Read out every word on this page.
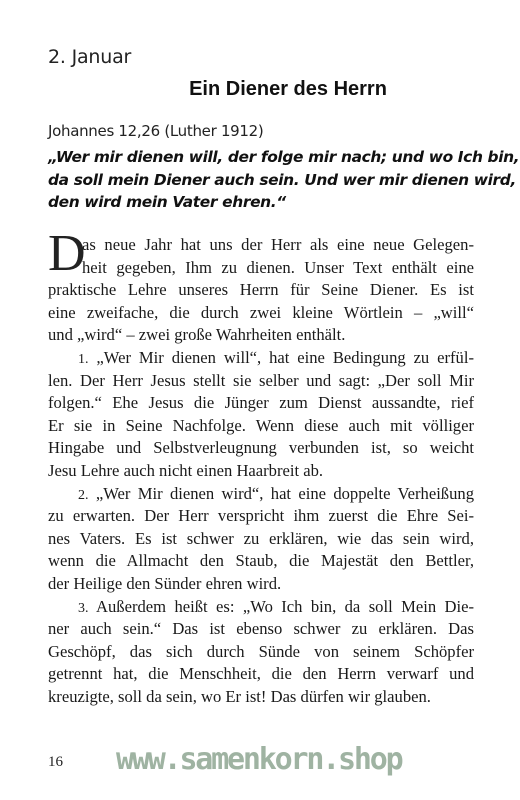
2. Januar
Ein Diener des Herrn
Johannes 12,26 (Luther 1912)
„Wer mir dienen will, der folge mir nach; und wo Ich bin,
da soll mein Diener auch sein. Und wer mir dienen wird,
den wird mein Vater ehren.“
D
as neue Jahr hat uns der Herr als eine neue Gelegen-
heit gegeben, Ihm zu dienen. Unser Text enthält eine
praktische Lehre unseres Herrn für Seine Diener. Es ist
eine zweifache, die durch zwei kleine Wörtlein – „will“
und „wird“ – zwei große Wahrheiten enthält.
1. „Wer Mir dienen will“, hat eine Bedingung zu erfül-
len. Der Herr Jesus stellt sie selber und sagt: „Der soll Mir
folgen.“ Ehe Jesus die Jünger zum Dienst aussandte, rief
Er sie in Seine Nachfolge. Wenn diese auch mit völliger
Hingabe und Selbstverleugnung verbunden ist, so weicht
Jesu Lehre auch nicht einen Haarbreit ab.
2. „Wer Mir dienen wird“, hat eine doppelte Verheißung
zu erwarten. Der Herr verspricht ihm zuerst die Ehre Sei-
nes Vaters. Es ist schwer zu erklären, wie das sein wird,
wenn die Allmacht den Staub, die Majestät den Bettler,
der Heilige den Sünder ehren wird.
3. Außerdem heißt es: „Wo Ich bin, da soll Mein Die-
ner auch sein.“ Das ist ebenso schwer zu erklären. Das
Geschöpf, das sich durch Sünde von seinem Schöpfer
getrennt hat, die Menschheit, die den Herrn verwarf und
kreuzigte, soll da sein, wo Er ist! Das dürfen wir glauben.
16 www.samenkorn.shop
